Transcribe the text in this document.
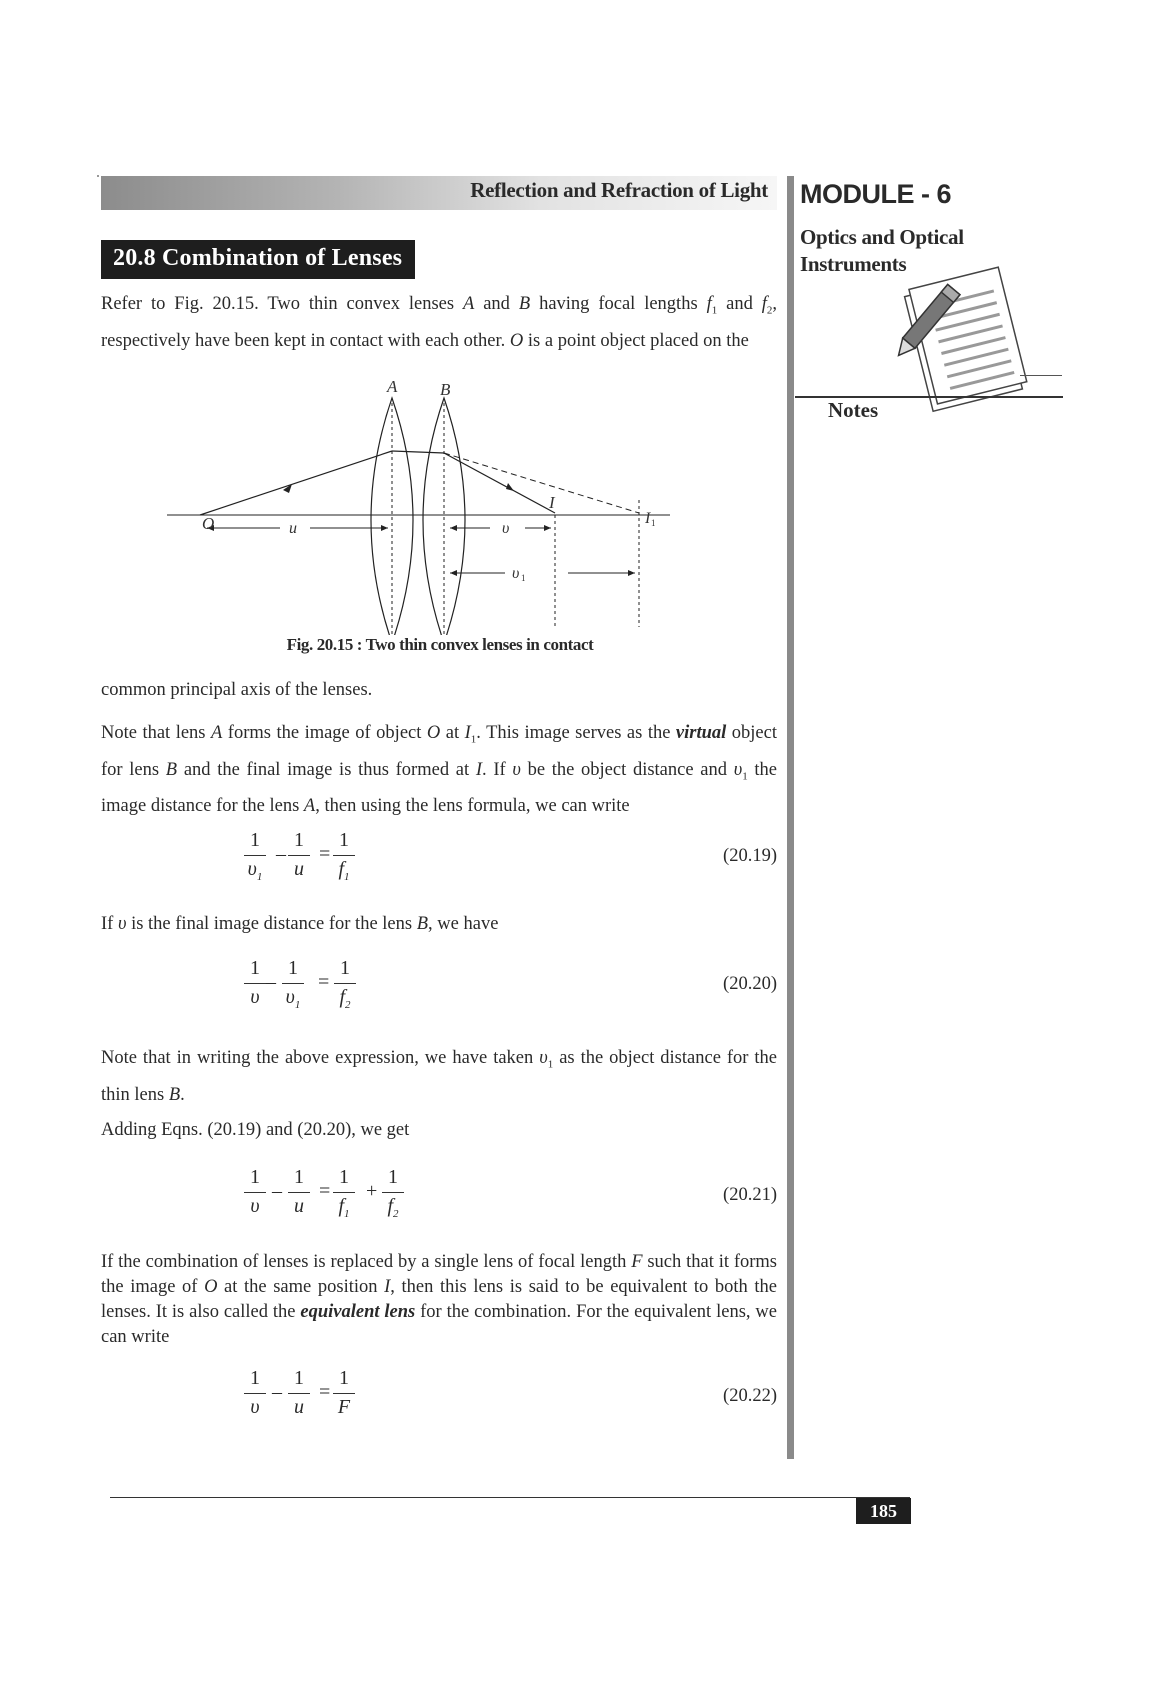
Reflection and Refraction of Light MODULE - 6
Optics and Optical
Instruments
Notes
20.8 Combination of Lenses
Refer to Fig. 20.15. Two thin convex lenses A and B having focal lengths $f_1$ and $f_2$, respectively have been kept in contact with each other. O is a point object placed on the
A	B
O	u	υ
υ 1
I
I 1
Fig. 20.15 : Two thin convex lenses in contact
common principal axis of the lenses.
Note that lens A forms the image of object O at $I_1$. This image serves as the virtual object for lens B and the final image is thus formed at I. If υ be the object distance and $\upsilon_1$ the image distance for the lens A, then using the lens formula, we can write
1
$\upsilon_1$
–
1
u
=
1
$f_1$
(20.19)
If υ is the final image distance for the lens B, we have
1
υ
–
1
$\upsilon_1$
=
1
$f_2$
(20.20)
Note that in writing the above expression, we have taken $\upsilon_1$ as the object distance for the thin lens B.
Adding Eqns. (20.19) and (20.20), we get
1
υ
–
1
u
=
1
$f_1$
+
1
$f_2$
(20.21)
If the combination of lenses is replaced by a single lens of focal length F such that it forms the image of O at the same position I, then this lens is said to be equivalent to both the lenses. It is also called the equivalent lens for the combination. For the equivalent lens, we can write
1
υ
–
1
u
=
1
F	(20.22)
185
